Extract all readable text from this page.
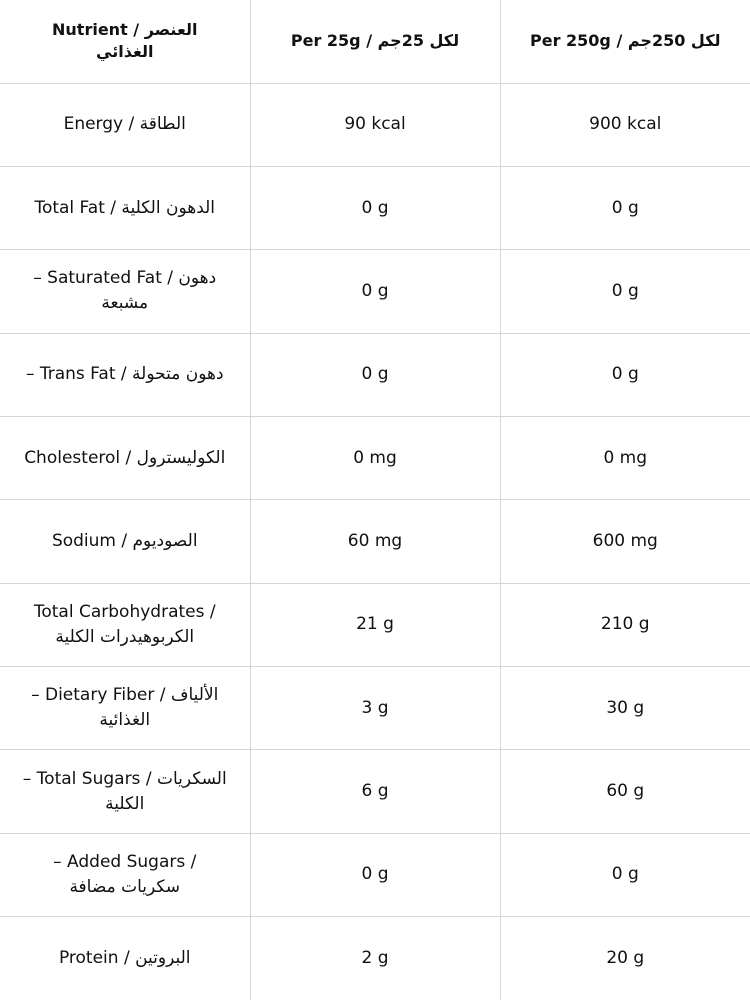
Nutrient / العنصر الغذائي	Per 25g / لكل 25جم	Per 250g / لكل 250جم
Energy / الطاقة	90 kcal	900 kcal
Total Fat / الدهون الكلية	0 g	0 g
– Saturated Fat / دهون مشبعة	0 g	0 g
– Trans Fat / دهون متحولة	0 g	0 g
Cholesterol / الكوليسترول	0 mg	0 mg
Sodium / الصوديوم	60 mg	600 mg
Total Carbohydrates / الكربوهيدرات الكلية	21 g	210 g
– Dietary Fiber / الألياف الغذائية	3 g	30 g
– Total Sugars / السكريات الكلية	6 g	60 g
– Added Sugars / سكريات مضافة	0 g	0 g
Protein / البروتين	2 g	20 g
